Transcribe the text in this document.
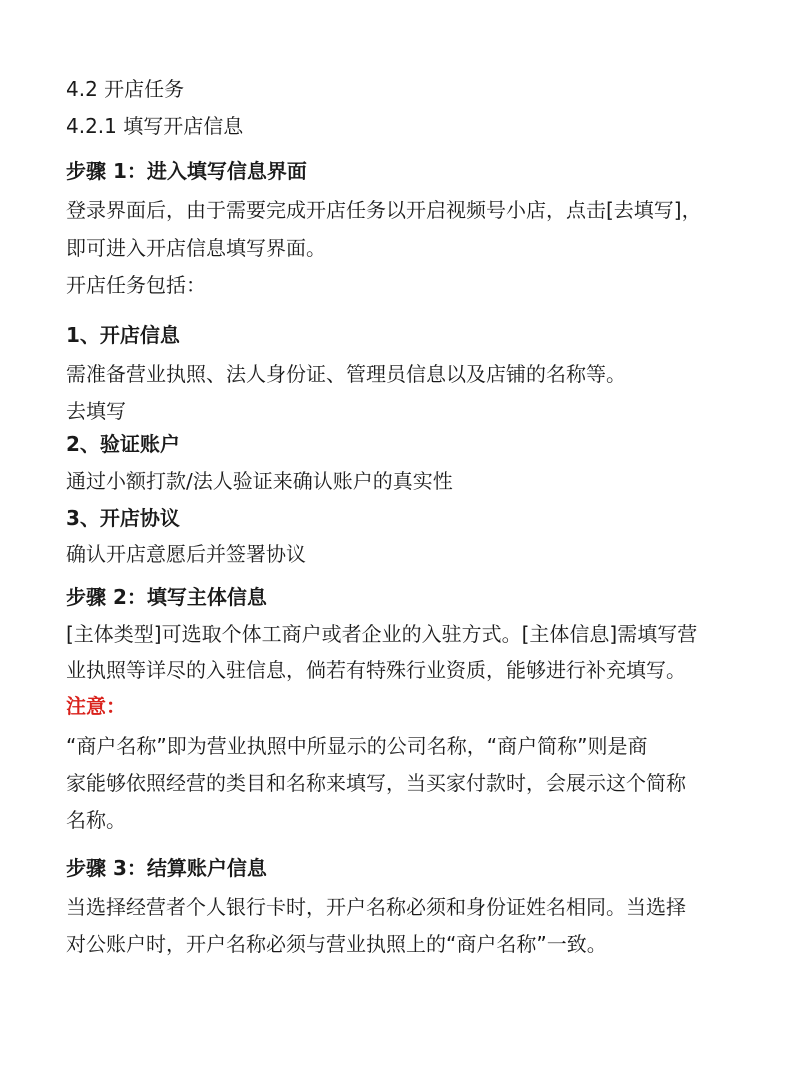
4.2 开店任务
4.2.1 填写开店信息
步骤 1：进入填写信息界面
登录界面后，由于需要完成开店任务以开启视频号小店，点击[去填写]，
即可进入开店信息填写界面。
开店任务包括：
1、开店信息
需准备营业执照、法人身份证、管理员信息以及店铺的名称等。
去填写
2、验证账户
通过小额打款/法人验证来确认账户的真实性
3、开店协议
确认开店意愿后并签署协议
步骤 2：填写主体信息
[主体类型]可选取个体工商户或者企业的入驻方式。[主体信息]需填写营
业执照等详尽的入驻信息，倘若有特殊行业资质，能够进行补充填写。
注意：
“商户名称”即为营业执照中所显示的公司名称，“商户简称”则是商
家能够依照经营的类目和名称来填写，当买家付款时，会展示这个简称
名称。
步骤 3：结算账户信息
当选择经营者个人银行卡时，开户名称必须和身份证姓名相同。当选择
对公账户时，开户名称必须与营业执照上的“商户名称”一致。
